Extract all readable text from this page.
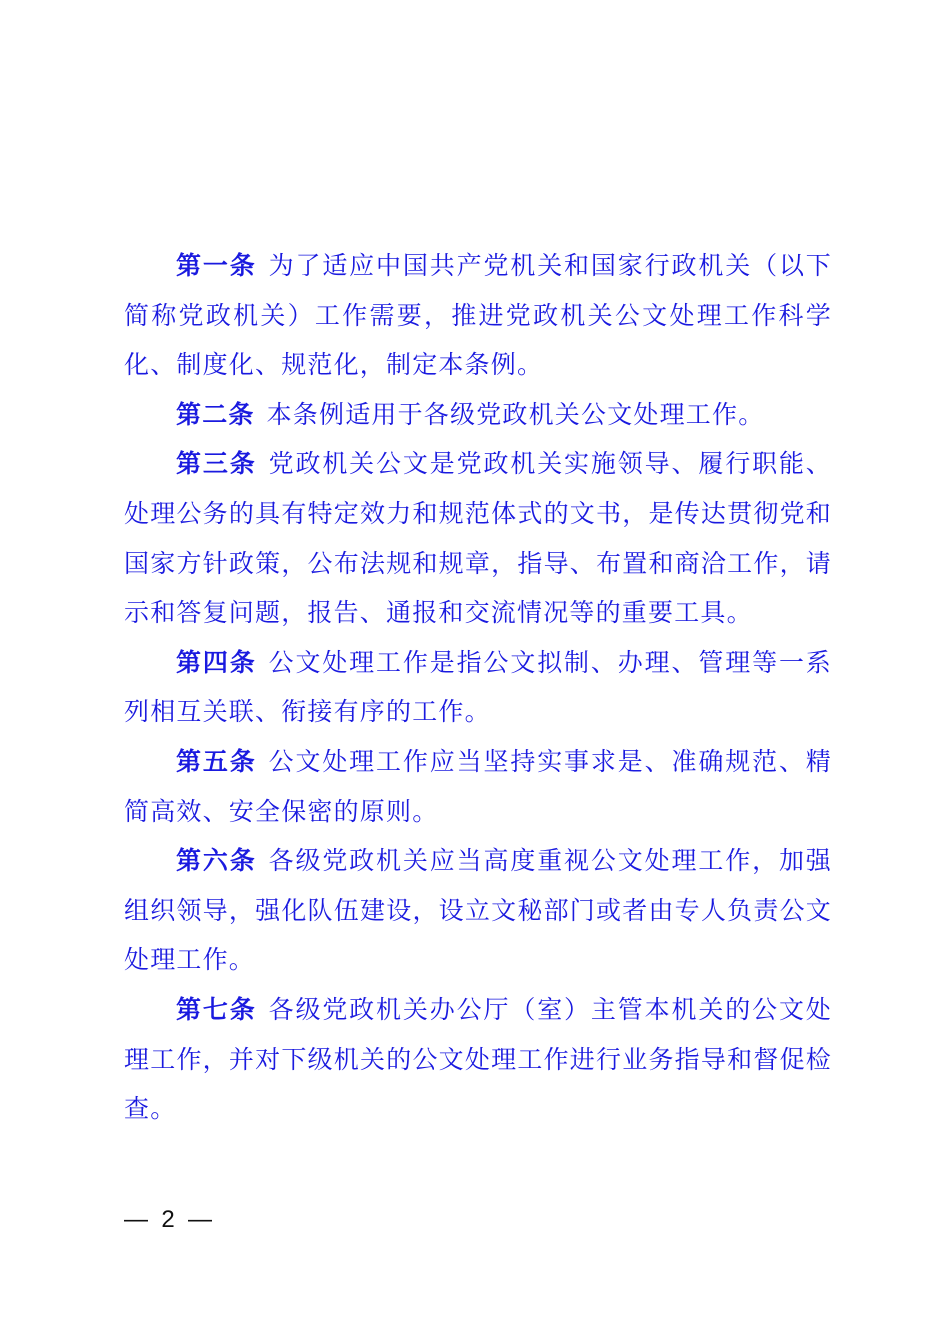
第一条 为了适应中国共产党机关和国家行政机关（以下简称党政机关）工作需要，推进党政机关公文处理工作科学化、制度化、规范化，制定本条例。

第二条 本条例适用于各级党政机关公文处理工作。

第三条 党政机关公文是党政机关实施领导、履行职能、处理公务的具有特定效力和规范体式的文书，是传达贯彻党和国家方针政策，公布法规和规章，指导、布置和商洽工作，请示和答复问题，报告、通报和交流情况等的重要工具。

第四条 公文处理工作是指公文拟制、办理、管理等一系列相互关联、衔接有序的工作。

第五条 公文处理工作应当坚持实事求是、准确规范、精简高效、安全保密的原则。

第六条 各级党政机关应当高度重视公文处理工作，加强组织领导，强化队伍建设，设立文秘部门或者由专人负责公文处理工作。

第七条 各级党政机关办公厅（室）主管本机关的公文处理工作，并对下级机关的公文处理工作进行业务指导和督促检查。

—  2  —
